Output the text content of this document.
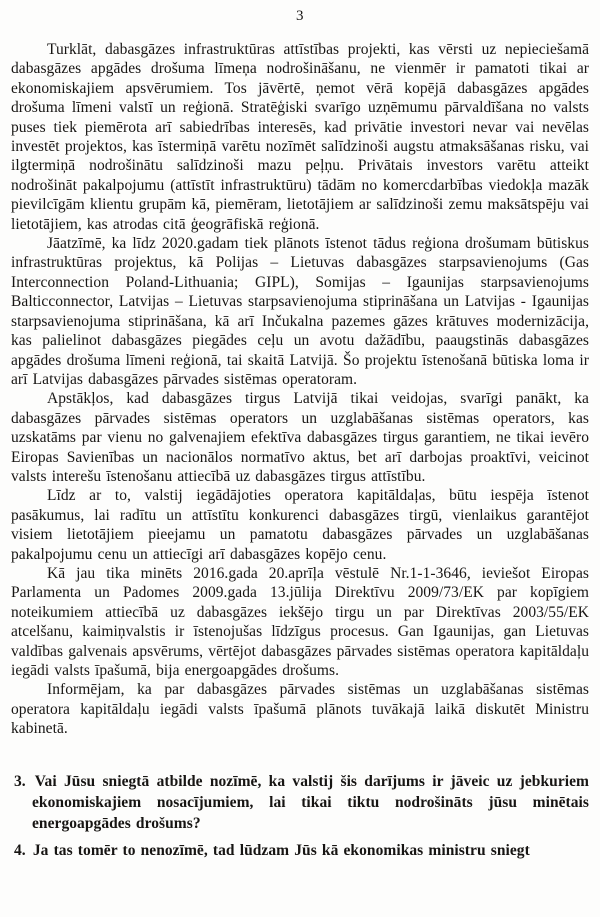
3

Turklāt, dabasgāzes infrastruktūras attīstības projekti, kas vērsti uz nepieciešamā dabasgāzes apgādes drošuma līmeņa nodrošināšanu, ne vienmēr ir pamatoti tikai ar ekonomiskajiem apsvērumiem. Tos jāvērtē, ņemot vērā kopējā dabasgāzes apgādes drošuma līmeni valstī un reģionā. Stratēģiski svarīgo uzņēmumu pārvaldīšana no valsts puses tiek piemērota arī sabiedrības interesēs, kad privātie investori nevar vai nevēlas investēt projektos, kas īstermiņā varētu nozīmēt salīdzinoši augstu atmaksāšanas risku, vai ilgtermiņā nodrošinātu salīdzinoši mazu peļņu. Privātais investors varētu atteikt nodrošināt pakalpojumu (attīstīt infrastruktūru) tādām no komercdarbības viedokļa mazāk pievilcīgām klientu grupām kā, piemēram, lietotājiem ar salīdzinoši zemu maksātspēju vai lietotājiem, kas atrodas citā ģeogrāfiskā reģionā.

Jāatzīmē, ka līdz 2020.gadam tiek plānots īstenot tādus reģiona drošumam būtiskus infrastruktūras projektus, kā Polijas – Lietuvas dabasgāzes starpsavienojums (Gas Interconnection Poland-Lithuania; GIPL), Somijas – Igaunijas starpsavienojums Balticconnector, Latvijas – Lietuvas starpsavienojuma stiprināšana un Latvijas - Igaunijas starpsavienojuma stiprināšana, kā arī Inčukalna pazemes gāzes krātuves modernizācija, kas palielinot dabasgāzes piegādes ceļu un avotu dažādību, paaugstinās dabasgāzes apgādes drošuma līmeni reģionā, tai skaitā Latvijā. Šo projektu īstenošanā būtiska loma ir arī Latvijas dabasgāzes pārvades sistēmas operatoram.

Apstākļos, kad dabasgāzes tirgus Latvijā tikai veidojas, svarīgi panākt, ka dabasgāzes pārvades sistēmas operators un uzglabāšanas sistēmas operators, kas uzskatāms par vienu no galvenajiem efektīva dabasgāzes tirgus garantiem, ne tikai ievēro Eiropas Savienības un nacionālos normatīvo aktus, bet arī darbojas proaktīvi, veicinot valsts interešu īstenošanu attiecībā uz dabasgāzes tirgus attīstību.

Līdz ar to, valstij iegādājoties operatora kapitāldaļas, būtu iespēja īstenot pasākumus, lai radītu un attīstītu konkurenci dabasgāzes tirgū, vienlaikus garantējot visiem lietotājiem pieejamu un pamatotu dabasgāzes pārvades un uzglabāšanas pakalpojumu cenu un attiecīgi arī dabasgāzes kopējo cenu.

Kā jau tika minēts 2016.gada 20.aprīļa vēstulē Nr.1-1-3646, ieviešot Eiropas Parlamenta un Padomes 2009.gada 13.jūlija Direktīvu 2009/73/EK par kopīgiem noteikumiem attiecībā uz dabasgāzes iekšējo tirgu un par Direktīvas 2003/55/EK atcelšanu, kaimiņvalstis ir īstenojušas līdzīgus procesus. Gan Igaunijas, gan Lietuvas valdības galvenais apsvērums, vērtējot dabasgāzes pārvades sistēmas operatora kapitāldaļu iegādi valsts īpašumā, bija energoapgādes drošums.

Informējam, ka par dabasgāzes pārvades sistēmas un uzglabāšanas sistēmas operatora kapitāldaļu iegādi valsts īpašumā plānots tuvākajā laikā diskutēt Ministru kabinetā.

3. Vai Jūsu sniegtā atbilde nozīmē, ka valstij šis darījums ir jāveic uz jebkuriem ekonomiskajiem nosacījumiem, lai tikai tiktu nodrošināts jūsu minētais energoapgādes drošums?

4. Ja tas tomēr to nenozīmē, tad lūdzam Jūs kā ekonomikas ministru sniegt
